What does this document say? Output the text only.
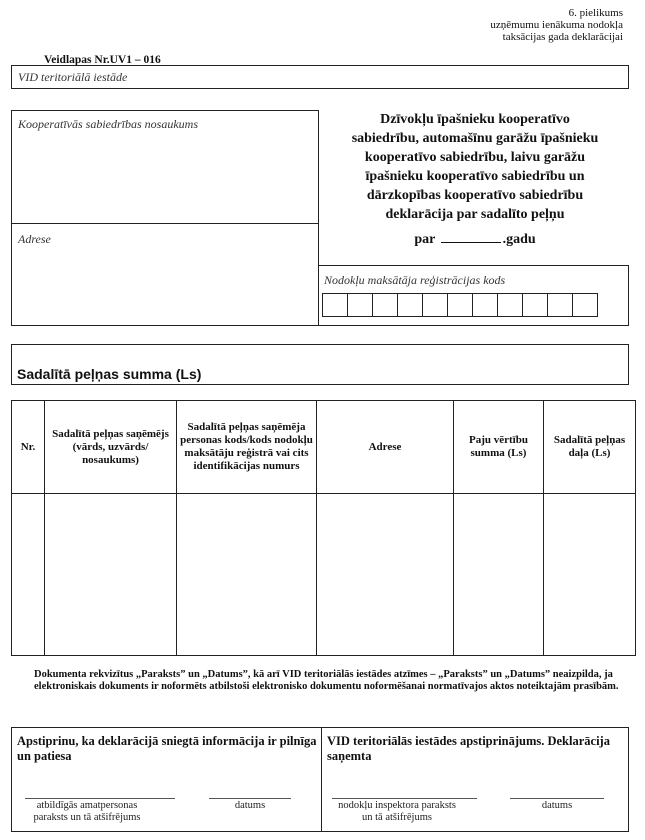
6. pielikums
uzņēmumu ienākuma nodokļa
taksācijas gada deklarācijai
Veidlapas Nr.UV1 – 016
VID teritoriālā iestāde
Kooperatīvās sabiedrības nosaukums
Adrese
Dzīvokļu īpašnieku kooperatīvo
sabiedrību, automašīnu garāžu īpašnieku
kooperatīvo sabiedrību, laivu garāžu
īpašnieku kooperatīvo sabiedrību un
dārzkopības kooperatīvo sabiedrību
deklarācija par sadalīto peļņu
par	.gadu
Nodokļu maksātāja reģistrācijas kods
Sadalītā peļņas summa (Ls)
Nr.	Sadalītā peļņas saņēmējs (vārds, uzvārds/ nosaukums)	Sadalītā peļņas saņēmēja personas kods/kods nodokļu maksātāju reģistrā vai cits identifikācijas numurs	Adrese	Paju vērtību summa (Ls)	Sadalītā peļņas daļa (Ls)

Dokumenta rekvizītus „Paraksts” un „Datums”, kā arī VID teritoriālās iestādes atzīmes – „Paraksts” un „Datums” neaizpilda, ja elektroniskais dokuments ir noformēts atbilstoši elektronisko dokumentu noformēšanai normatīvajos aktos noteiktajām prasībām.
Apstiprinu, ka deklarācijā sniegtā informācija ir pilnīga un patiesa
atbildīgās amatpersonas paraksts un tā atšifrējums
datums
VID teritoriālās iestādes apstiprinājums. Deklarācija saņemta
nodokļu inspektora paraksts un tā atšifrējums
datums
